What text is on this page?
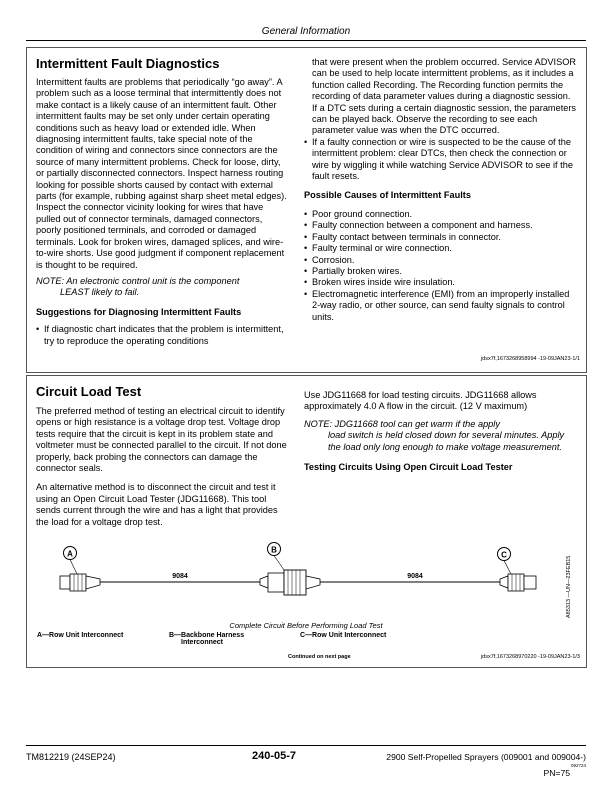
General Information
Intermittent Fault Diagnostics

Intermittent faults are problems that periodically “go away”. A problem such as a loose terminal that intermittently does not make contact is a likely cause of an intermittent fault. Other intermittent faults may be set only under certain operating conditions such as heavy load or extended idle. When diagnosing intermittent faults, take special note of the condition of wiring and connectors since connectors are the source of many intermittent problems. Check for loose, dirty, or partially disconnected connectors. Inspect harness routing looking for possible shorts caused by contact with external parts (for example, rubbing against sharp sheet metal edges). Inspect the connector vicinity looking for wires that have pulled out of connector terminals, damaged connectors, poorly positioned terminals, and corroded or damaged terminals. Look for broken wires, damaged splices, and wire-to-wire shorts. Use good judgment if component replacement is thought to be required.

NOTE: An electronic control unit is the component
LEAST likely to fail.
Suggestions for Diagnosing Intermittent Faults
• If diagnostic chart indicates that the problem is intermittent, try to reproduce the operating conditions

that were present when the problem occurred. Service ADVISOR can be used to help locate intermittent problems, as it includes a function called Recording. The Recording function permits the recording of data parameter values during a diagnostic session. If a DTC sets during a certain diagnostic session, the parameters can be played back. Observe the recording to see each parameter value was when the DTC occurred.

• If a faulty connection or wire is suspected to be the cause of the intermittent problem: clear DTCs, then check the connection or wire by wiggling it while watching Service ADVISOR to see if the fault resets.
Possible Causes of Intermittent Faults
• Poor ground connection.
• Faulty connection between a component and harness.
• Faulty contact between terminals in connector.
• Faulty terminal or wire connection.
• Corrosion.
• Partially broken wires.
• Broken wires inside wire insulation.
• Electromagnetic interference (EMI) from an improperly installed 2-way radio, or other source, can send faulty signals to control units.
jdsx7f,1673268958994 -19-09JAN23-1/1
Circuit Load Test

The preferred method of testing an electrical circuit to identify opens or high resistance is a voltage drop test. Voltage drop tests require that the circuit is kept in its problem state and voltmeter must be connected parallel to the circuit. If not done properly, back probing the connectors can damage the connector seals.

An alternative method is to disconnect the circuit and test it using an Open Circuit Load Tester (JDG11668). This tool sends current through the wire and has a light that provides the load for a voltage drop test.

Use JDG11668 for load testing circuits. JDG11668 allows approximately 4.0 A flow in the circuit. (12 V maximum)

NOTE: JDG11668 tool can get warm if the apply
load switch is held closed down for several minutes. Apply the load only long enough to make voltage measurement.
Testing Circuits Using Open Circuit Load Tester
A	B
C
9084	9084	A85313 —UN—23FEB15
Complete Circuit Before Performing Load Test
A—Row Unit Interconnect	B—Backbone Harness
Interconnect
C—Row Unit Interconnect
Continued on next page	jdsx7f,1673268970220 -19-09JAN23-1/3
TM812219 (24SEP24)	240-05-7	2900 Self-Propelled Sprayers (009001 and 009004-)
092724
PN=75
